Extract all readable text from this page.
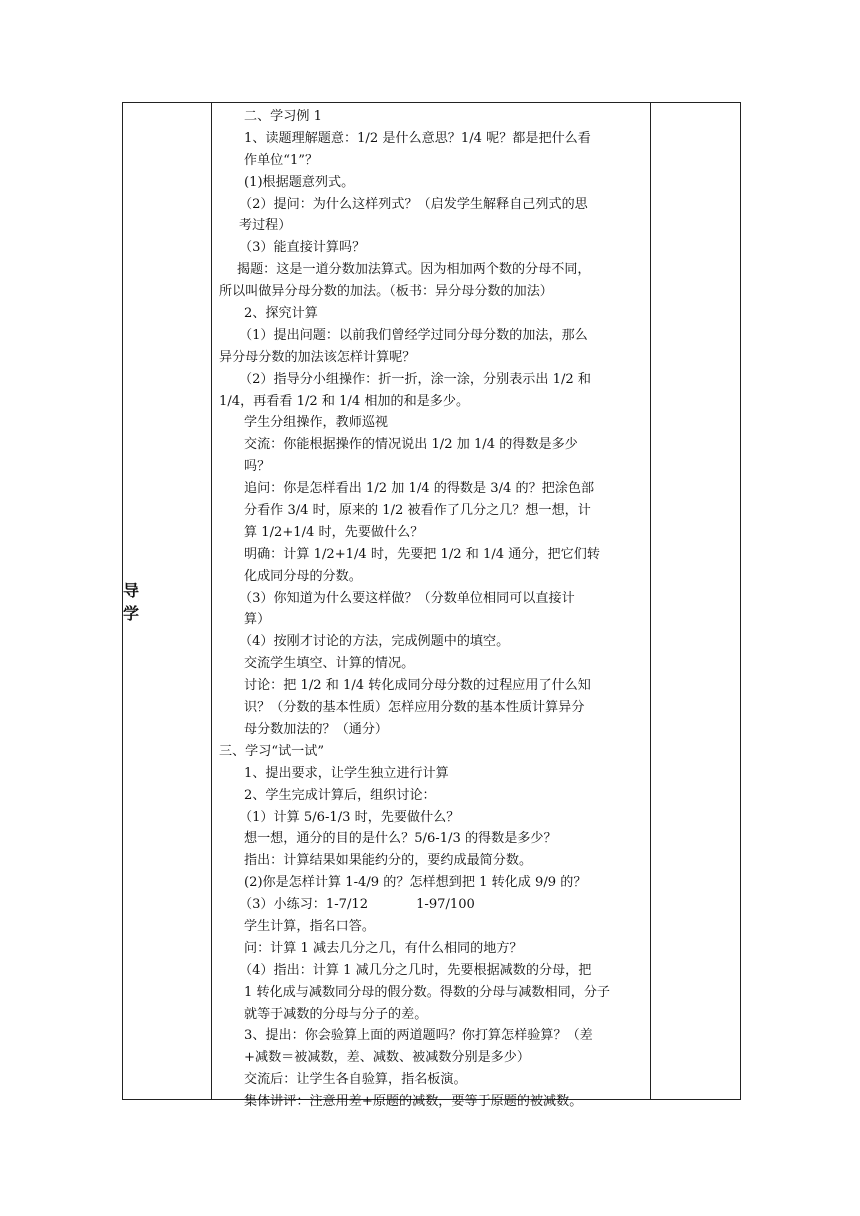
导 学
二、学习例 1
1、读题理解题意：1/2 是什么意思？1/4 呢？都是把什么看
作单位“1”？
(1)根据题意列式。
（2）提问：为什么这样列式？（启发学生解释自己列式的思
考过程）
（3）能直接计算吗？
揭题：这是一道分数加法算式。因为相加两个数的分母不同，
所以叫做异分母分数的加法。（板书：异分母分数的加法）
2、探究计算
（1）提出问题：以前我们曾经学过同分母分数的加法，那么
异分母分数的加法该怎样计算呢？
（2）指导分小组操作：折一折，涂一涂，分别表示出 1/2 和
1/4，再看看 1/2 和 1/4 相加的和是多少。
学生分组操作，教师巡视
交流：你能根据操作的情况说出 1/2 加 1/4 的得数是多少
吗？
追问：你是怎样看出 1/2 加 1/4 的得数是 3/4 的？把涂色部
分看作 3/4 时，原来的 1/2 被看作了几分之几？想一想，计
算 1/2+1/4 时，先要做什么？
明确：计算 1/2+1/4 时，先要把 1/2 和 1/4 通分，把它们转
化成同分母的分数。
（3）你知道为什么要这样做？（分数单位相同可以直接计
算）
（4）按刚才讨论的方法，完成例题中的填空。
交流学生填空、计算的情况。
讨论：把 1/2 和 1/4 转化成同分母分数的过程应用了什么知
识？（分数的基本性质）怎样应用分数的基本性质计算异分
母分数加法的？（通分）
三、学习“试一试”
1、提出要求，让学生独立进行计算
2、学生完成计算后，组织讨论：
（1）计算 5/6-1/3 时，先要做什么？
想一想，通分的目的是什么？5/6-1/3 的得数是多少？
指出：计算结果如果能约分的，要约成最简分数。
(2)你是怎样计算 1-4/9 的？怎样想到把 1 转化成 9/9 的？
（3）小练习：1-7/12	1-97/100
学生计算，指名口答。
问：计算 1 减去几分之几，有什么相同的地方？
（4）指出：计算 1 减几分之几时，先要根据减数的分母，把
1 转化成与减数同分母的假分数。得数的分母与减数相同，分子
就等于减数的分母与分子的差。
3、提出：你会验算上面的两道题吗？你打算怎样验算？（差
+减数＝被减数，差、减数、被减数分别是多少）
交流后：让学生各自验算，指名板演。
集体讲评：注意用差+原题的减数，要等于原题的被减数。
